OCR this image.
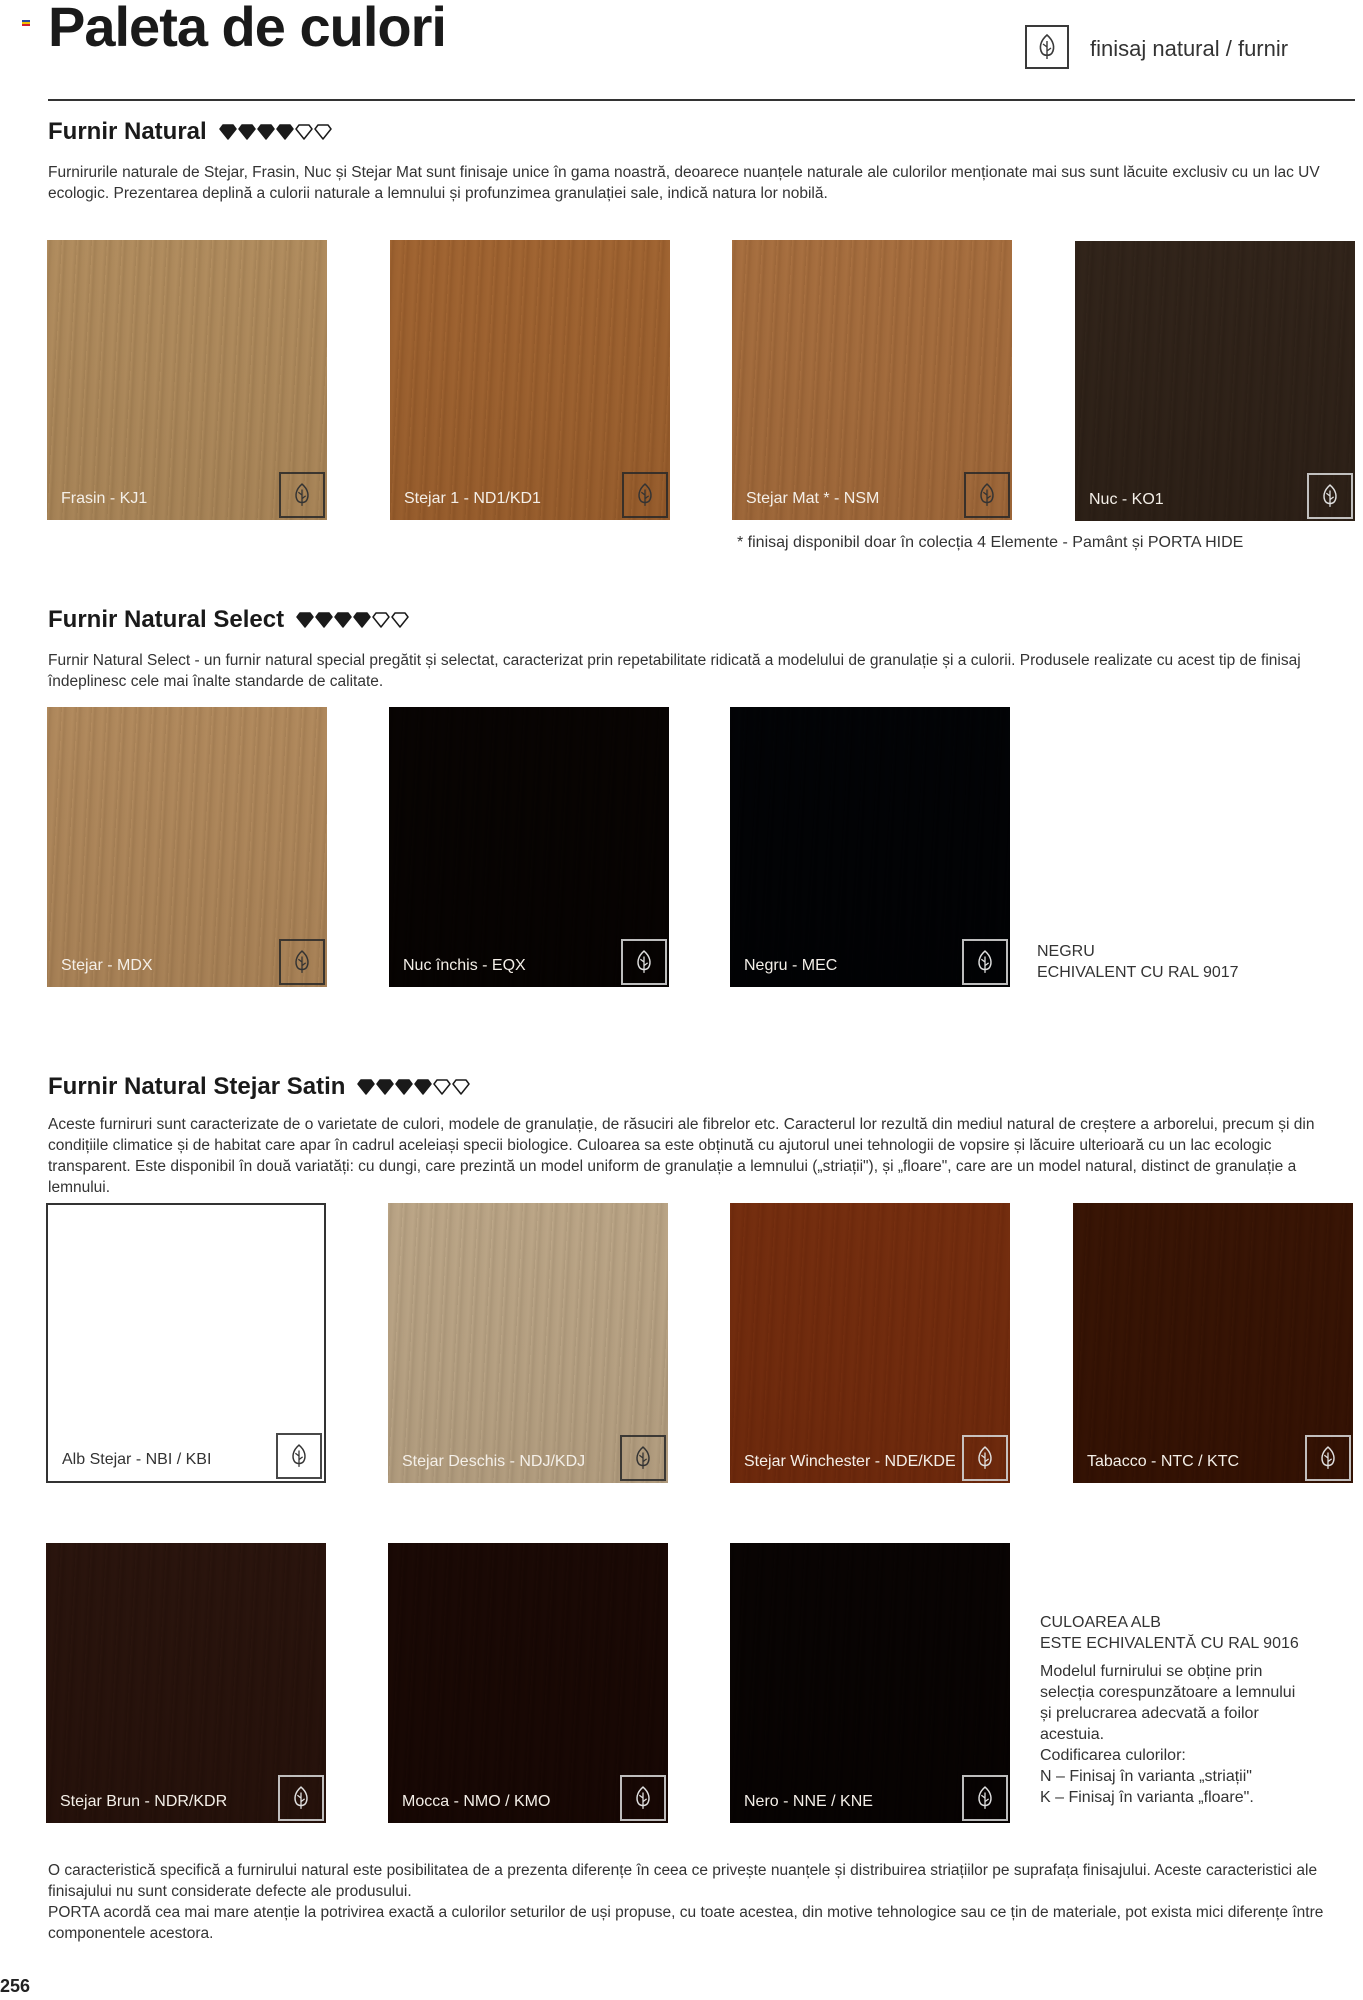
Paleta de culori	finisaj natural / furnir
Furnir Natural

Furnirurile naturale de Stejar, Frasin, Nuc și Stejar Mat sunt finisaje unice în gama noastră, deoarece nuanțele naturale ale culorilor menționate mai sus sunt lăcuite exclusiv cu un lac UV ecologic. Prezentarea deplină a culorii naturale a lemnului și profunzimea granulației sale, indică natura lor nobilă.

Frasin - KJ1	Stejar 1 - ND1/KD1	Stejar Mat * - NSM	Nuc - KO1
* finisaj disponibil doar în colecția 4 Elemente - Pamânt și PORTA HIDE
Furnir Natural Select

Furnir Natural Select - un furnir natural special pregătit și selectat, caracterizat prin repetabilitate ridicată a modelului de granulație și a culorii. Produsele realizate cu acest tip de finisaj îndeplinesc cele mai înalte standarde de calitate.

Stejar - MDX	Nuc închis - EQX	Negru - MEC
NEGRU
ECHIVALENT CU RAL 9017
Furnir Natural Stejar Satin

Aceste furniruri sunt caracterizate de o varietate de culori, modele de granulație, de răsuciri ale fibrelor etc. Caracterul lor rezultă din mediul natural de creștere a arborelui, precum și din condițiile climatice și de habitat care apar în cadrul aceleiași specii biologice. Culoarea sa este obținută cu ajutorul unei tehnologii de vopsire și lăcuire ulterioară cu un lac ecologic transparent. Este disponibil în două variatăți: cu dungi, care prezintă un model uniform de granulație a lemnului („striații"), și „floare", care are un model natural, distinct de granulație a lemnului.

Alb Stejar - NBI / KBI	Stejar Deschis - NDJ/KDJ	Stejar Winchester - NDE/KDE	Tabacco - NTC / KTC
Stejar Brun - NDR/KDR	Mocca - NMO / KMO	Nero - NNE / KNE
CULOAREA ALB
ESTE ECHIVALENTĂ CU RAL 9016
Modelul furnirului se obține prin
selecția corespunzătoare a lemnului
și prelucrarea adecvată a foilor
acestuia.
Codificarea culorilor:
N – Finisaj în varianta „striații"
K – Finisaj în varianta „floare".

O caracteristică specifică a furnirului natural este posibilitatea de a prezenta diferențe în ceea ce privește nuanțele și distribuirea striațiilor pe suprafața finisajului. Aceste caracteristici ale finisajului nu sunt considerate defecte ale produsului.

PORTA acordă cea mai mare atenție la potrivirea exactă a culorilor seturilor de uși propuse, cu toate acestea, din motive tehnologice sau ce țin de materiale, pot exista mici diferențe între componentele acestora.

256
